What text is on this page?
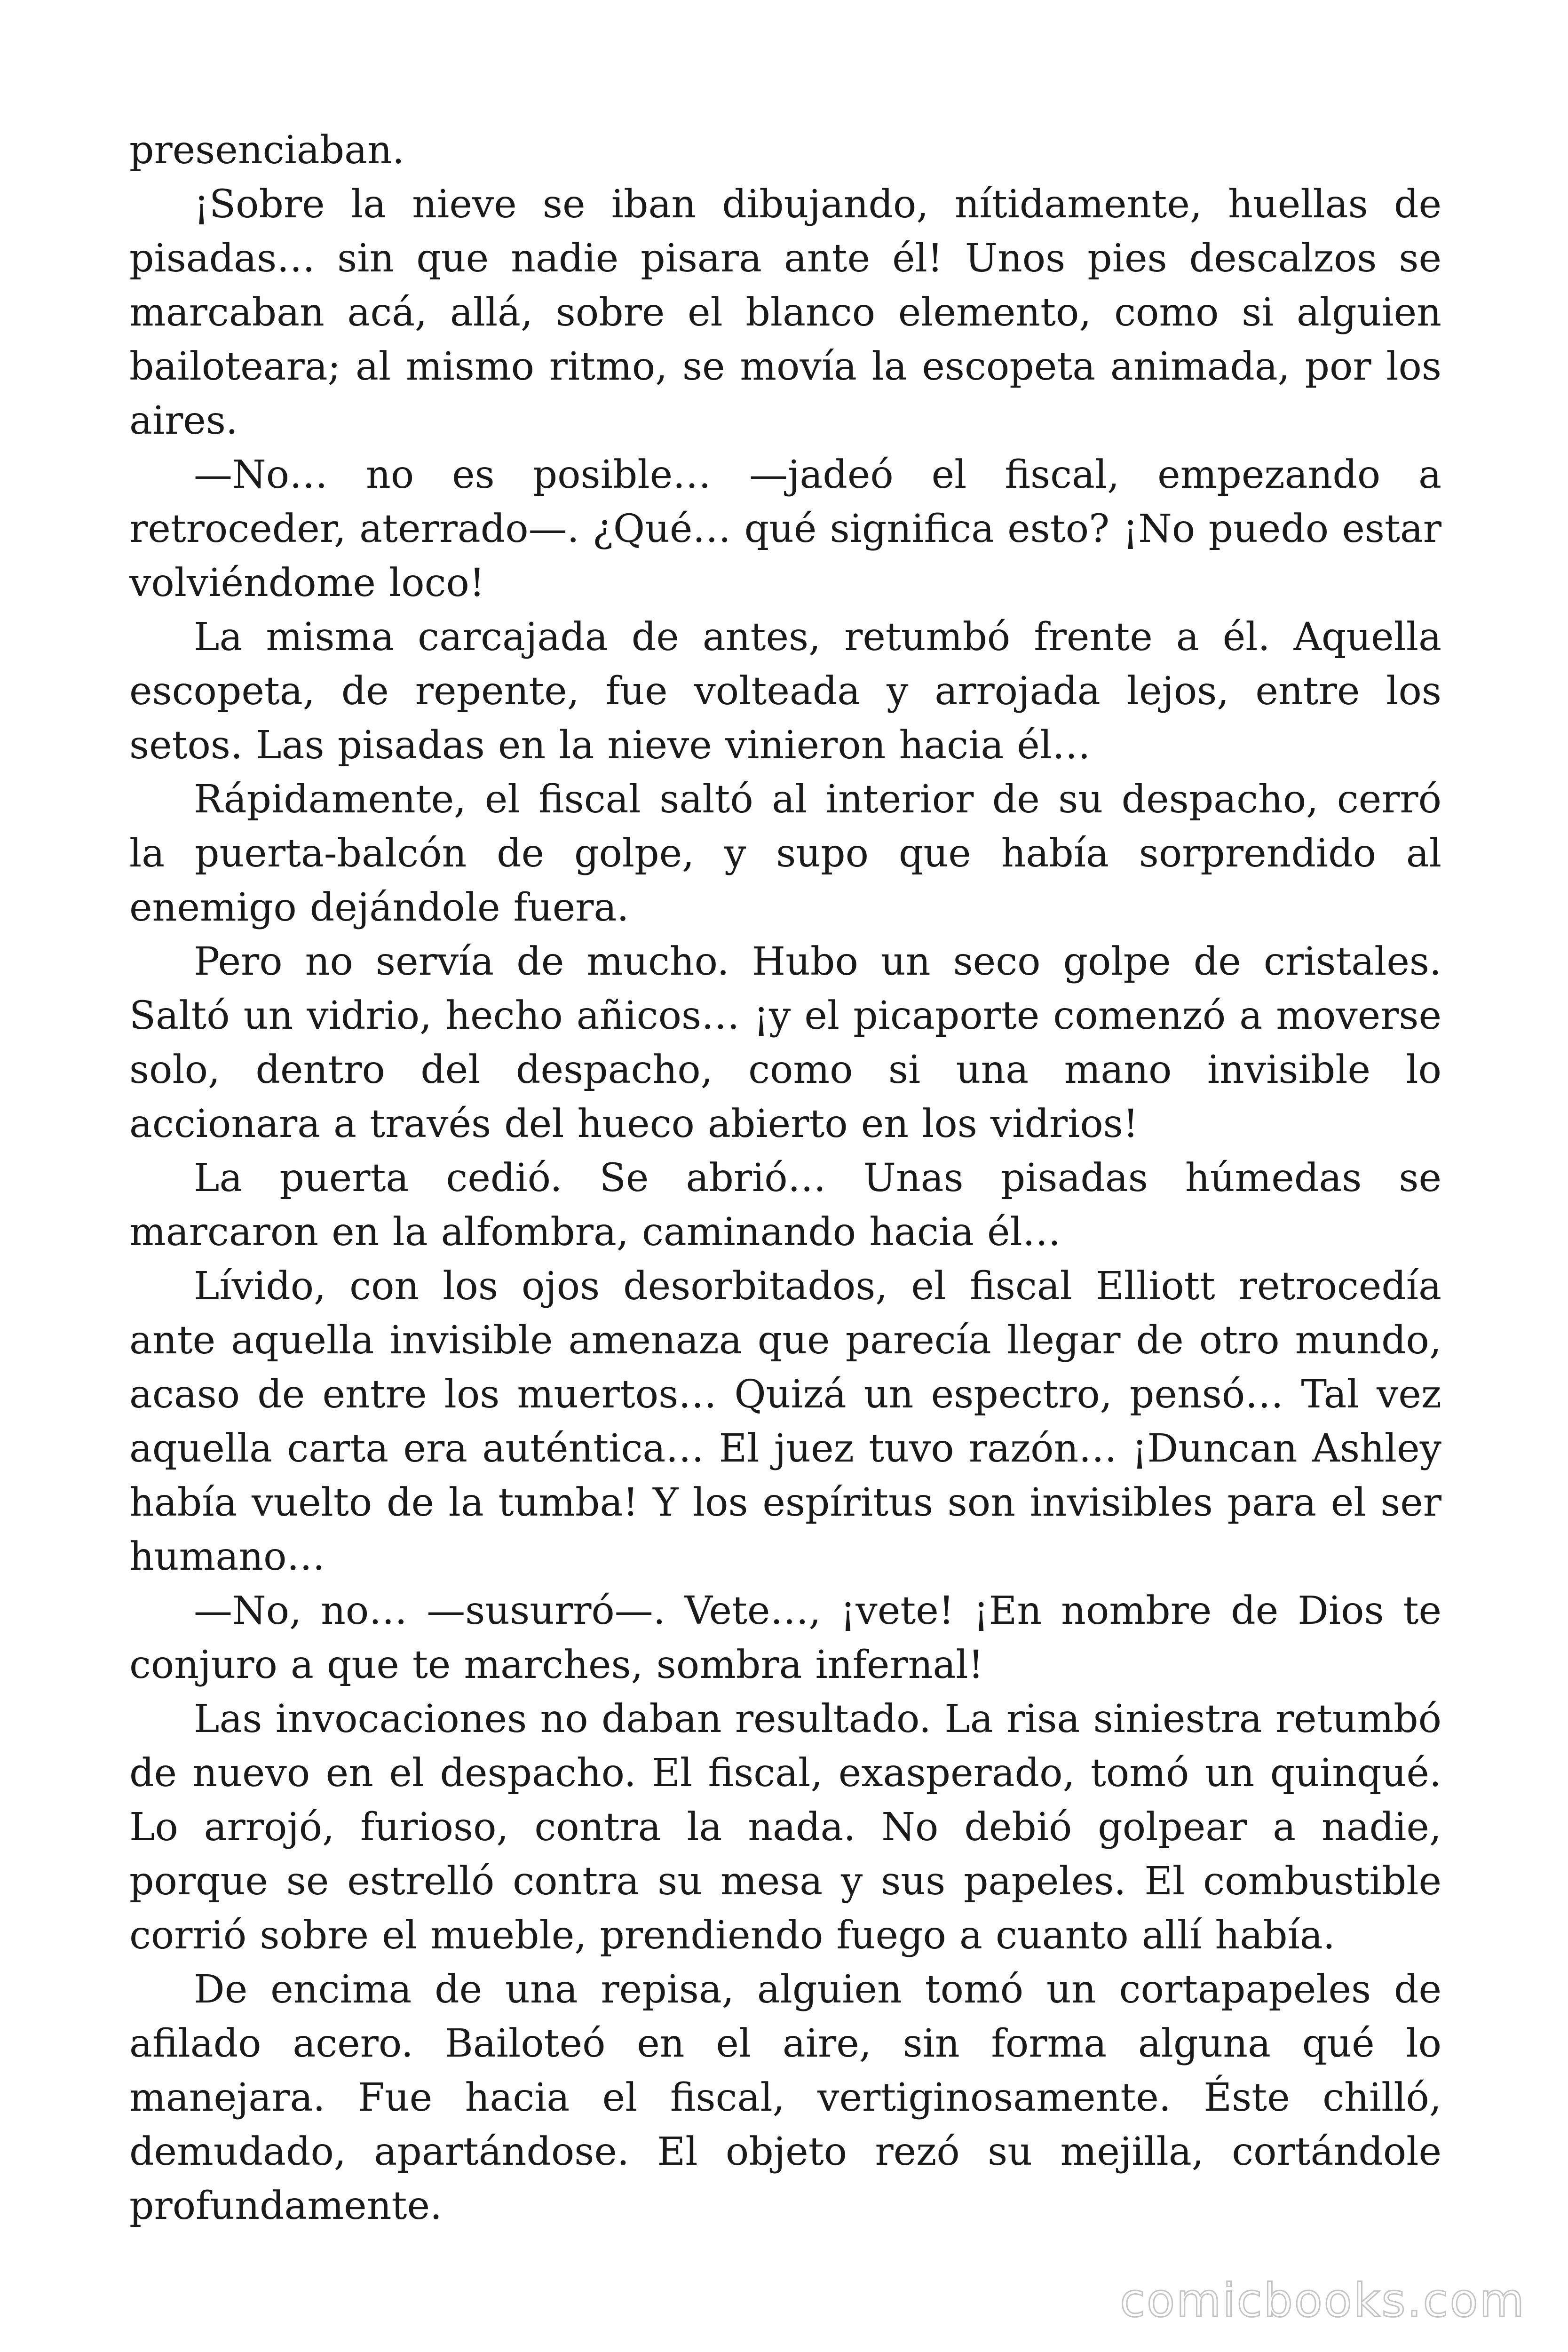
presenciaban.

¡Sobre la nieve se iban dibujando, nítidamente, huellas de pisadas… sin que nadie pisara ante él! Unos pies descalzos se marcaban acá, allá, sobre el blanco elemento, como si alguien bailoteara; al mismo ritmo, se movía la escopeta animada, por los aires.

—No… no es posible… —jadeó el fiscal, empezando a retroceder, aterrado—. ¿Qué… qué significa esto? ¡No puedo estar volviéndome loco!

La misma carcajada de antes, retumbó frente a él. Aquella escopeta, de repente, fue volteada y arrojada lejos, entre los setos. Las pisadas en la nieve vinieron hacia él…

Rápidamente, el fiscal saltó al interior de su despacho, cerró la puerta-balcón de golpe, y supo que había sorprendido al enemigo dejándole fuera.

Pero no servía de mucho. Hubo un seco golpe de cristales. Saltó un vidrio, hecho añicos… ¡y el picaporte comenzó a moverse solo, dentro del despacho, como si una mano invisible lo accionara a través del hueco abierto en los vidrios!

La puerta cedió. Se abrió… Unas pisadas húmedas se marcaron en la alfombra, caminando hacia él…

Lívido, con los ojos desorbitados, el fiscal Elliott retrocedía ante aquella invisible amenaza que parecía llegar de otro mundo, acaso de entre los muertos… Quizá un espectro, pensó… Tal vez aquella carta era auténtica… El juez tuvo razón… ¡Duncan Ashley había vuelto de la tumba! Y los espíritus son invisibles para el ser humano…

—No, no… —susurró—. Vete…, ¡vete! ¡En nombre de Dios te conjuro a que te marches, sombra infernal!

Las invocaciones no daban resultado. La risa siniestra retumbó de nuevo en el despacho. El fiscal, exasperado, tomó un quinqué. Lo arrojó, furioso, contra la nada. No debió golpear a nadie, porque se estrelló contra su mesa y sus papeles. El combustible corrió sobre el mueble, prendiendo fuego a cuanto allí había.

De encima de una repisa, alguien tomó un cortapapeles de afilado acero. Bailoteó en el aire, sin forma alguna qué lo manejara. Fue hacia el fiscal, vertiginosamente. Éste chilló, demudado, apartándose. El objeto rezó su mejilla, cortándole profundamente.

comicbooks.com
